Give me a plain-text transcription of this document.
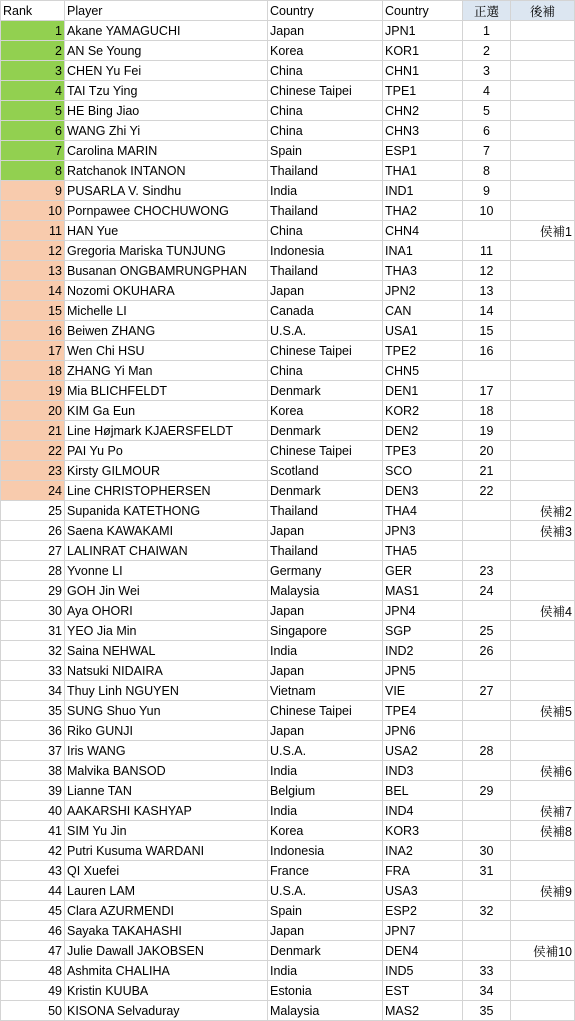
Rank	Player	Country	Country	正選	後補
1	Akane YAMAGUCHI	Japan	JPN1	1	
2	AN Se Young	Korea	KOR1	2	
3	CHEN Yu Fei	China	CHN1	3	
4	TAI Tzu Ying	Chinese Taipei	TPE1	4	
5	HE Bing Jiao	China	CHN2	5	
6	WANG Zhi Yi	China	CHN3	6	
7	Carolina MARIN	Spain	ESP1	7	
8	Ratchanok INTANON	Thailand	THA1	8	
9	PUSARLA V. Sindhu	India	IND1	9	
10	Pornpawee CHOCHUWONG	Thailand	THA2	10	
11	HAN Yue	China	CHN4		侯補1
12	Gregoria Mariska TUNJUNG	Indonesia	INA1	11	
13	Busanan ONGBAMRUNGPHAN	Thailand	THA3	12	
14	Nozomi OKUHARA	Japan	JPN2	13	
15	Michelle LI	Canada	CAN	14	
16	Beiwen ZHANG	U.S.A.	USA1	15	
17	Wen Chi HSU	Chinese Taipei	TPE2	16	
18	ZHANG Yi Man	China	CHN5		
19	Mia BLICHFELDT	Denmark	DEN1	17	
20	KIM Ga Eun	Korea	KOR2	18	
21	Line Højmark KJAERSFELDT	Denmark	DEN2	19	
22	PAI Yu Po	Chinese Taipei	TPE3	20	
23	Kirsty GILMOUR	Scotland	SCO	21	
24	Line CHRISTOPHERSEN	Denmark	DEN3	22	
25	Supanida KATETHONG	Thailand	THA4		侯補2
26	Saena KAWAKAMI	Japan	JPN3		侯補3
27	LALINRAT CHAIWAN	Thailand	THA5		
28	Yvonne LI	Germany	GER	23	
29	GOH Jin Wei	Malaysia	MAS1	24	
30	Aya OHORI	Japan	JPN4		侯補4
31	YEO Jia Min	Singapore	SGP	25	
32	Saina NEHWAL	India	IND2	26	
33	Natsuki NIDAIRA	Japan	JPN5		
34	Thuy Linh NGUYEN	Vietnam	VIE	27	
35	SUNG Shuo Yun	Chinese Taipei	TPE4		侯補5
36	Riko GUNJI	Japan	JPN6		
37	Iris WANG	U.S.A.	USA2	28	
38	Malvika BANSOD	India	IND3		侯補6
39	Lianne TAN	Belgium	BEL	29	
40	AAKARSHI KASHYAP	India	IND4		侯補7
41	SIM Yu Jin	Korea	KOR3		侯補8
42	Putri Kusuma WARDANI	Indonesia	INA2	30	
43	QI Xuefei	France	FRA	31	
44	Lauren LAM	U.S.A.	USA3		侯補9
45	Clara AZURMENDI	Spain	ESP2	32	
46	Sayaka TAKAHASHI	Japan	JPN7		
47	Julie Dawall JAKOBSEN	Denmark	DEN4		侯補10
48	Ashmita CHALIHA	India	IND5	33	
49	Kristin KUUBA	Estonia	EST	34	
50	KISONA Selvaduray	Malaysia	MAS2	35	
